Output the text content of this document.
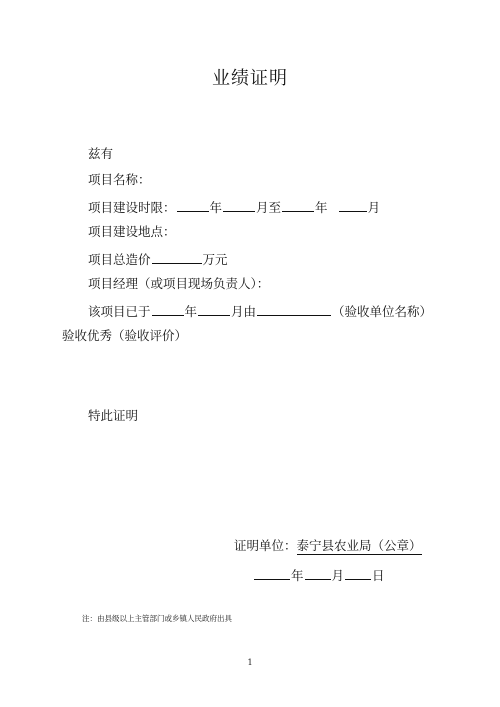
业绩证明
兹有
项目名称：
项目建设时限：	年	月至	年	月
项目建设地点：
项目总造价	万元
项目经理（或项目现场负责人）：
该项目已于	年	月由	（验收单位名称）
验收优秀（验收评价）
特此证明
证明单位：泰宁县农业局（公章）
年 月 日
注：由县级以上主管部门或乡镇人民政府出具
1
